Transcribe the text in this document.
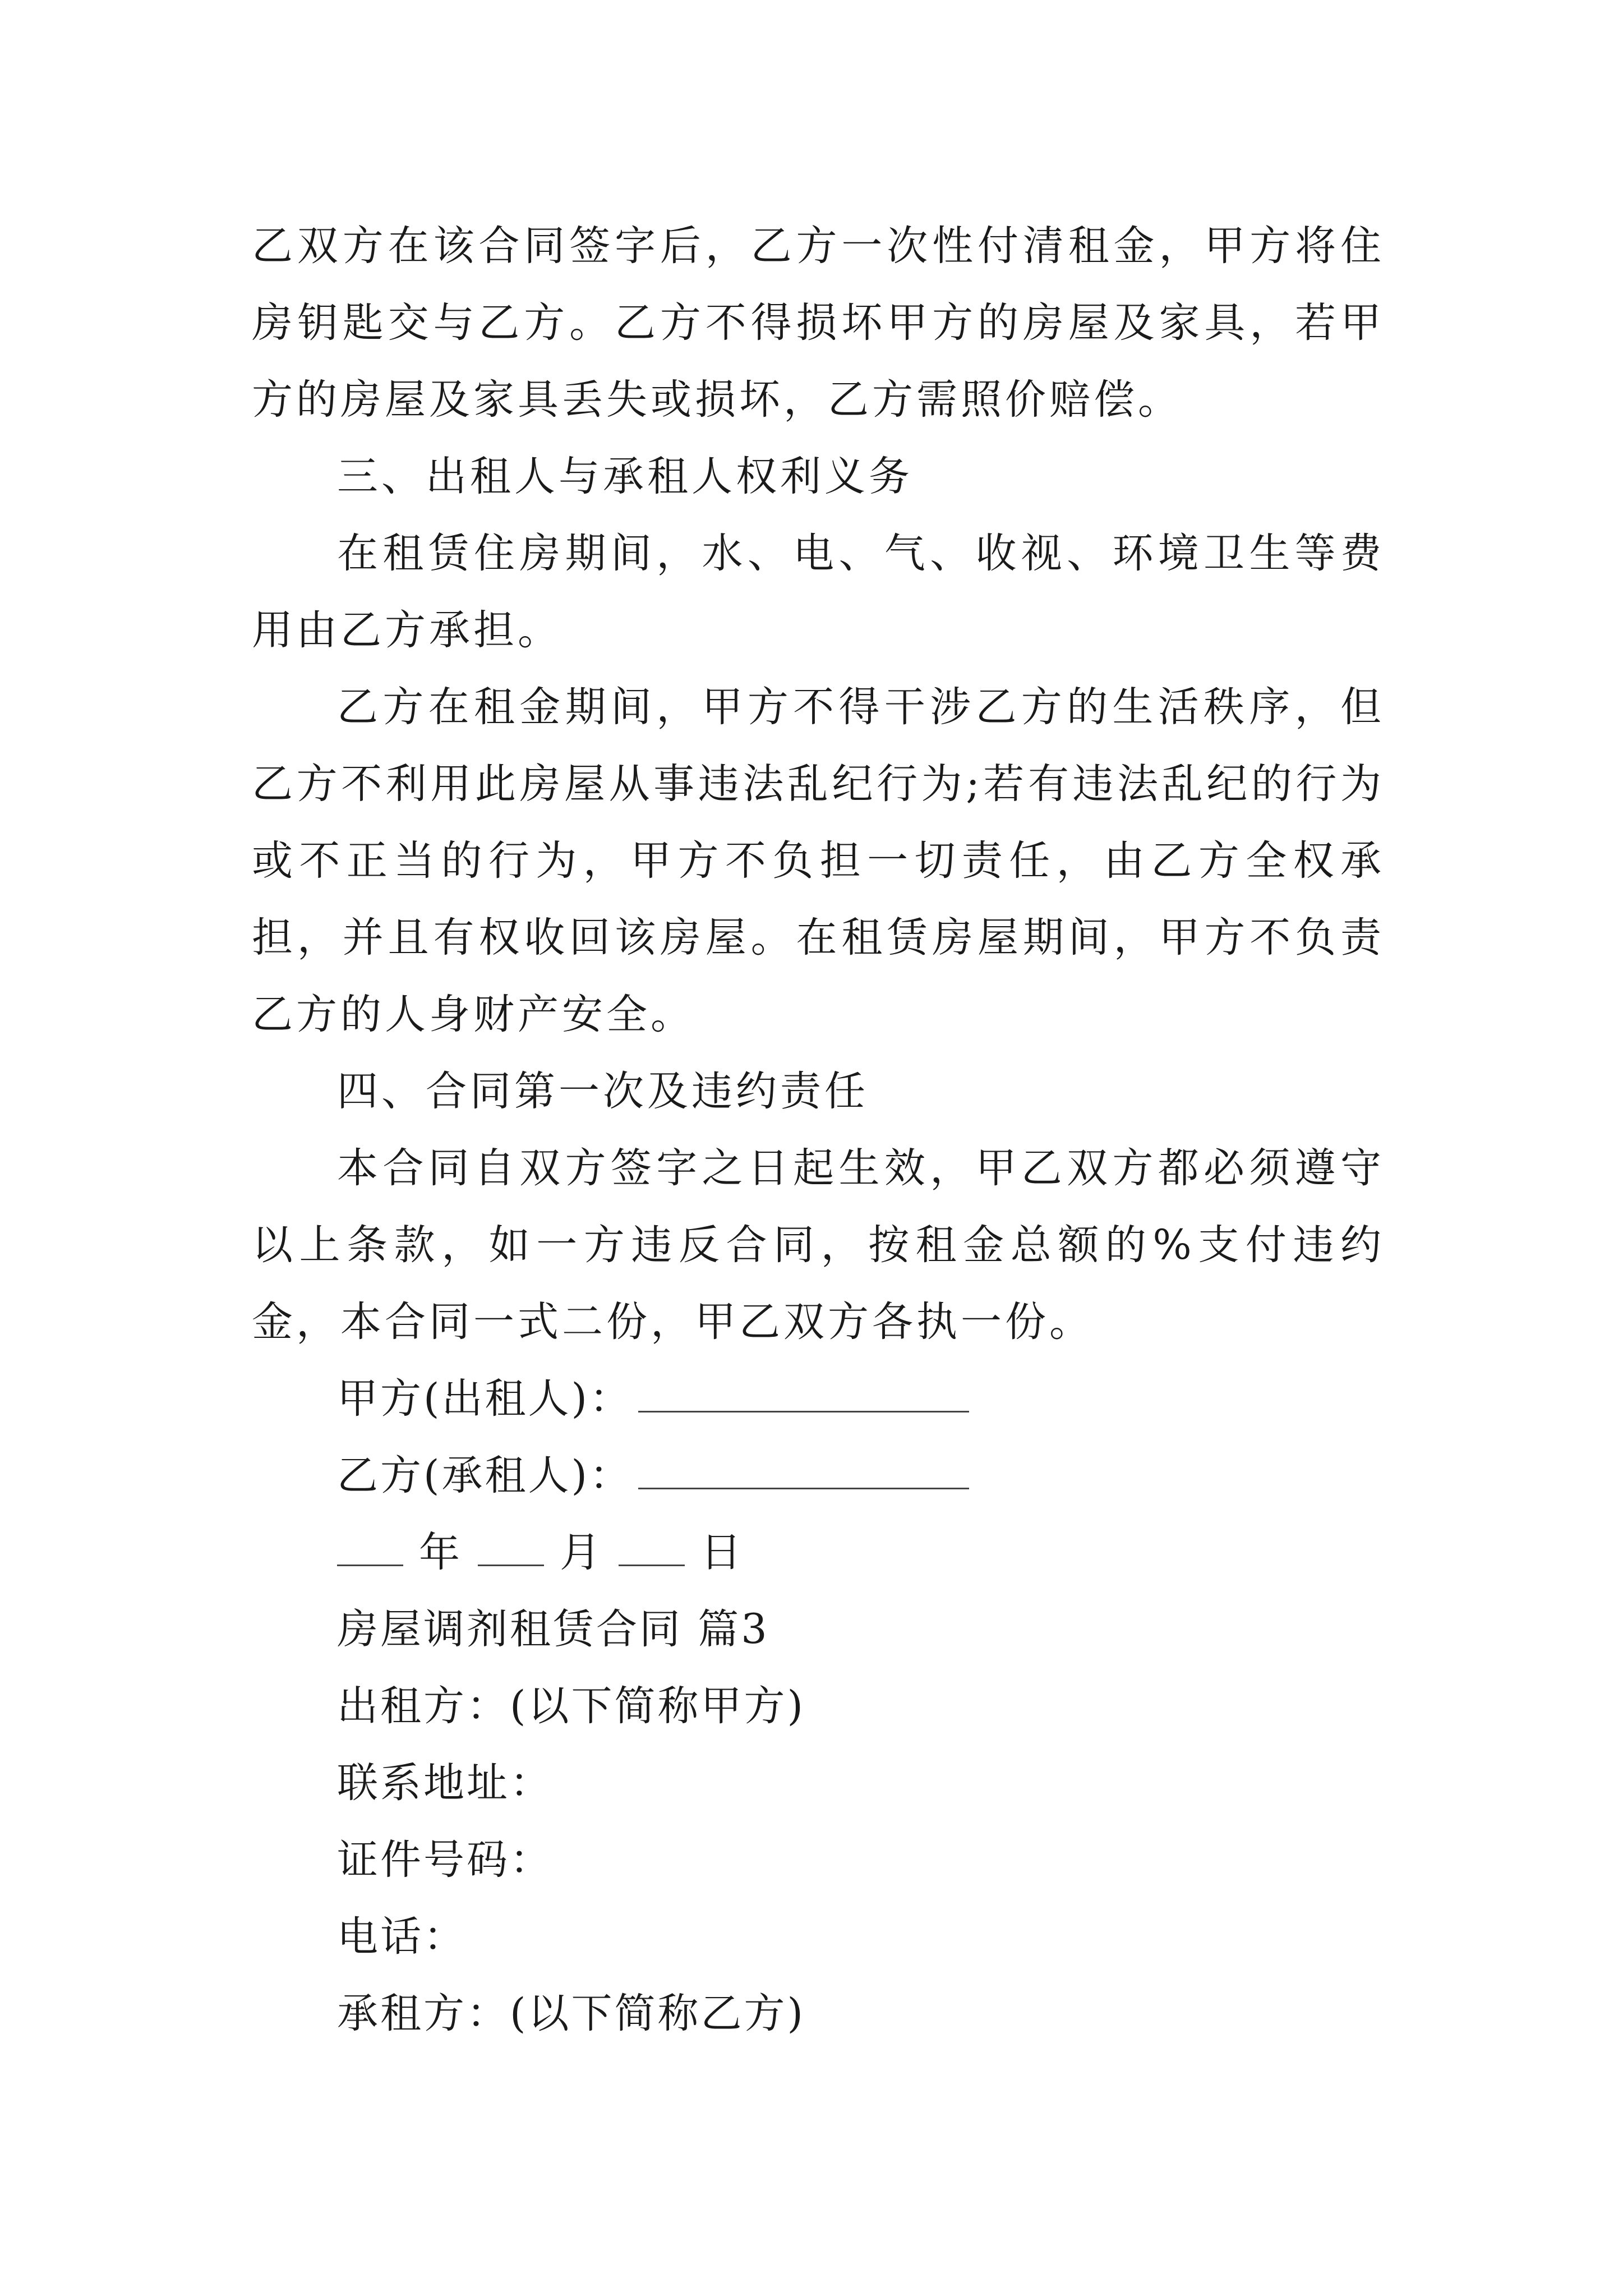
乙双方在该合同签字后，乙方一次性付清租金，甲方将住房钥匙交与乙方。乙方不得损坏甲方的房屋及家具，若甲方的房屋及家具丢失或损坏，乙方需照价赔偿。

三、出租人与承租人权利义务

在租赁住房期间，水、电、气、收视、环境卫生等费用由乙方承担。

乙方在租金期间，甲方不得干涉乙方的生活秩序，但乙方不利用此房屋从事违法乱纪行为;若有违法乱纪的行为或不正当的行为，甲方不负担一切责任，由乙方全权承担，并且有权收回该房屋。在租赁房屋期间，甲方不负责乙方的人身财产安全。

四、合同第一次及违约责任

本合同自双方签字之日起生效，甲乙双方都必须遵守以上条款，如一方违反合同，按租金总额的%支付违约金，本合同一式二份，甲乙双方各执一份。

甲方(出租人)：

乙方(承租人)：

年 月 日

房屋调剂租赁合同 篇3

出租方：(以下简称甲方)

联系地址：

证件号码：

电话：

承租方：(以下简称乙方)
